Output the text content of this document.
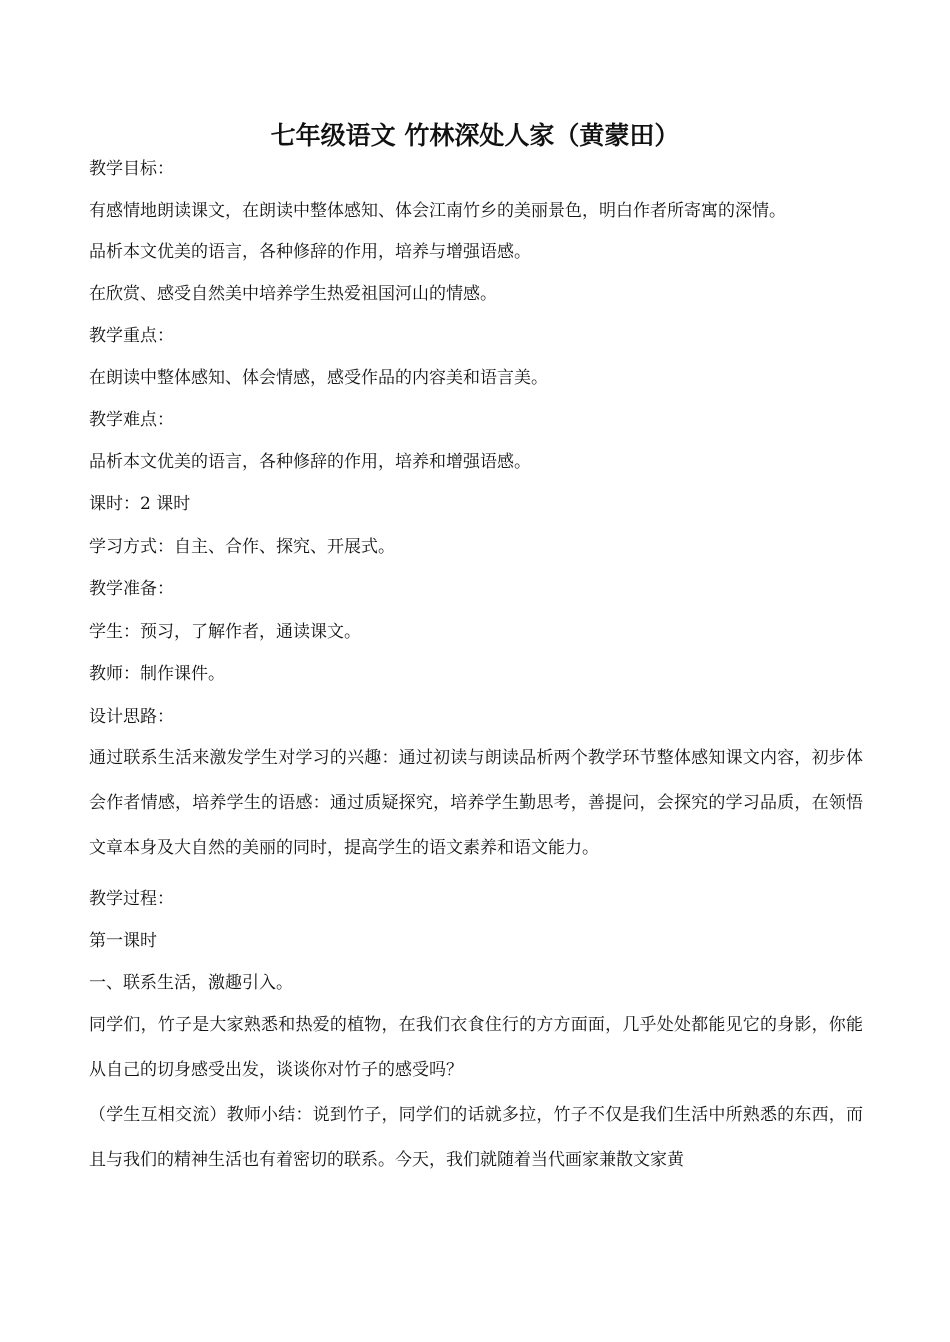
七年级语文 竹林深处人家（黄蒙田）
教学目标：
有感情地朗读课文，在朗读中整体感知、体会江南竹乡的美丽景色，明白作者所寄寓的深情。
品析本文优美的语言，各种修辞的作用，培养与增强语感。
在欣赏、感受自然美中培养学生热爱祖国河山的情感。
教学重点：
在朗读中整体感知、体会情感，感受作品的内容美和语言美。
教学难点：
品析本文优美的语言，各种修辞的作用，培养和增强语感。
课时：2 课时
学习方式：自主、合作、探究、开展式。
教学准备：
学生：预习，了解作者，通读课文。
教师：制作课件。
设计思路：
通过联系生活来激发学生对学习的兴趣：通过初读与朗读品析两个教学环节整体感知课文内容，初步体会作者情感，培养学生的语感：通过质疑探究，培养学生勤思考，善提问，会探究的学习品质，在领悟文章本身及大自然的美丽的同时，提高学生的语文素养和语文能力。
教学过程：
第一课时
一、联系生活，激趣引入。
同学们，竹子是大家熟悉和热爱的植物，在我们衣食住行的方方面面，几乎处处都能见它的身影，你能从自己的切身感受出发，谈谈你对竹子的感受吗？
（学生互相交流）教师小结：说到竹子，同学们的话就多拉，竹子不仅是我们生活中所熟悉的东西，而且与我们的精神生活也有着密切的联系。今天，我们就随着当代画家兼散文家黄
